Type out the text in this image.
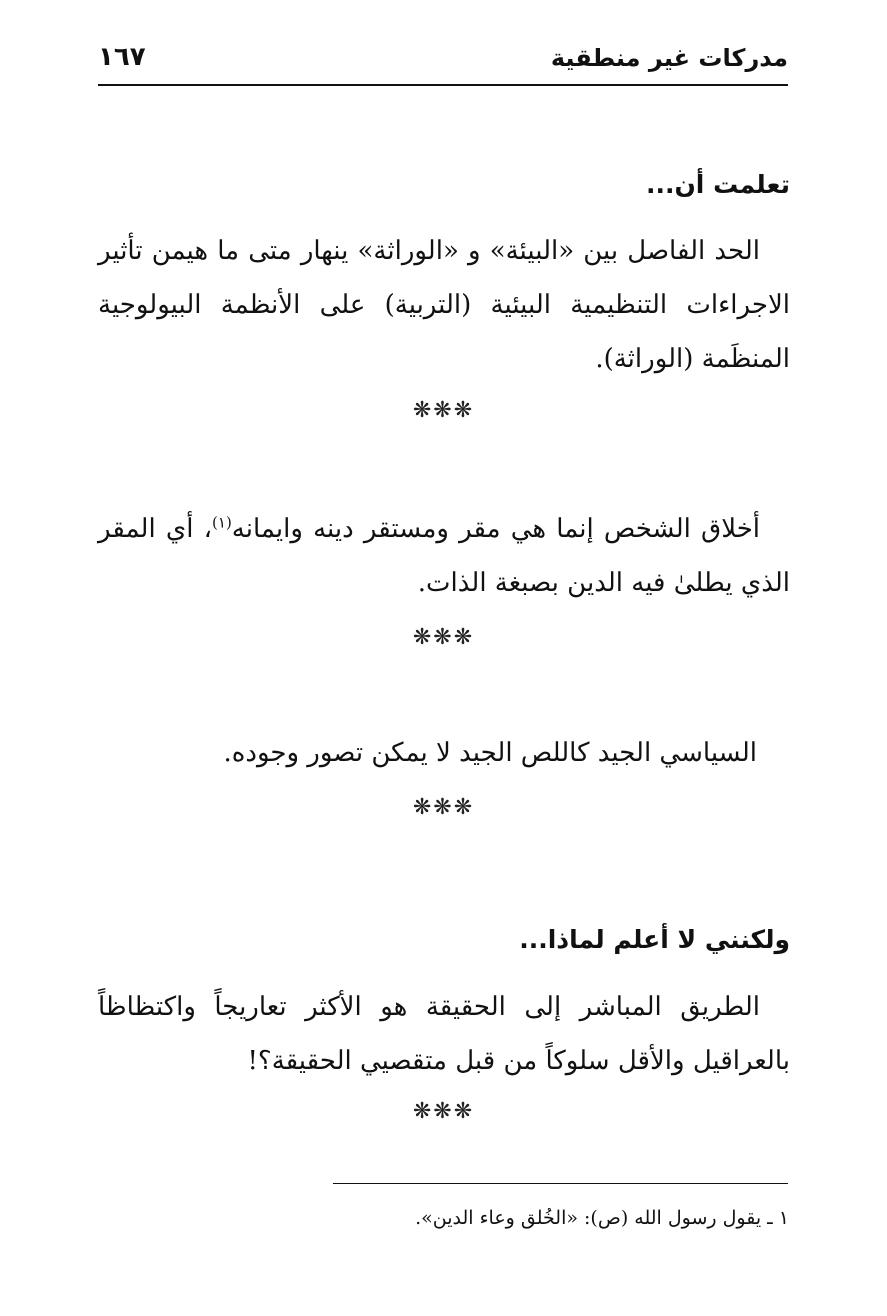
مدركات غير منطقية
١٦٧
تعلمت أن...
الحد الفاصل بين «البيئة» و «الوراثة» ينهار متى ما هيمن تأثير الاجراءات التنظيمية البيئية (التربية) على الأنظمة البيولوجية المنظَمة (الوراثة).
❋❋❋
أخلاق الشخص إنما هي مقر ومستقر دينه وايمانه$^{(١)}$، أي المقر الذي يطلىٰ فيه الدين بصبغة الذات.
❋❋❋
السياسي الجيد كاللص الجيد لا يمكن تصور وجوده.
❋❋❋
ولكنني لا أعلم لماذا...
الطريق المباشر إلى الحقيقة هو الأكثر تعاريجاً واكتظاظاً بالعراقيل والأقل سلوكاً من قبل متقصيي الحقيقة؟!
❋❋❋
١ ـ يقول رسول الله (ص): «الخُلق وعاء الدين».
